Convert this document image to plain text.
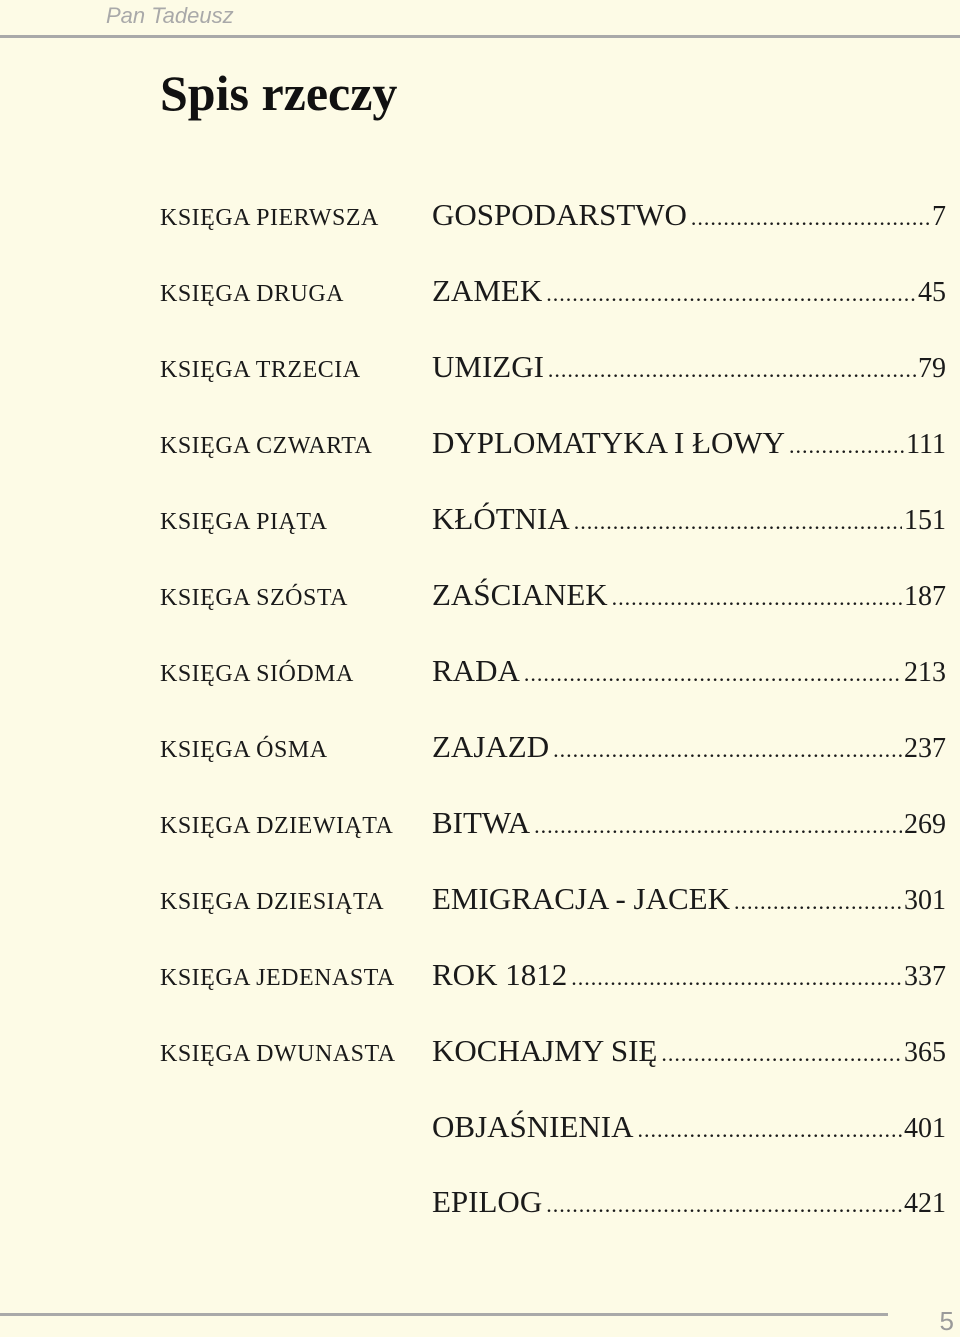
Pan Tadeusz
Spis rzeczy
KSIĘGA PIERWSZA GOSPODARSTWO .....	7
KSIĘGA DRUGA	ZAMEK .....	45
KSIĘGA TRZECIA UMIZGI .....	79
KSIĘGA CZWARTA DYPLOMATYKA I ŁOWY .....	111
KSIĘGA PIĄTA	KŁÓTNIA .....	151
KSIĘGA SZÓSTA	ZAŚCIANEK .....	187
KSIĘGA SIÓDMA	RADA .....	213
KSIĘGA ÓSMA	ZAJAZD .....	237
KSIĘGA DZIEWIĄTA BITWA .....	269
KSIĘGA DZIESIĄTA EMIGRACJA - JACEK .....	301
KSIĘGA JEDENASTA ROK 1812 .....	337
KSIĘGA DWUNASTA KOCHAJMY SIĘ .....	365
OBJAŚNIENIA .....	401
EPILOG .....	421
5
